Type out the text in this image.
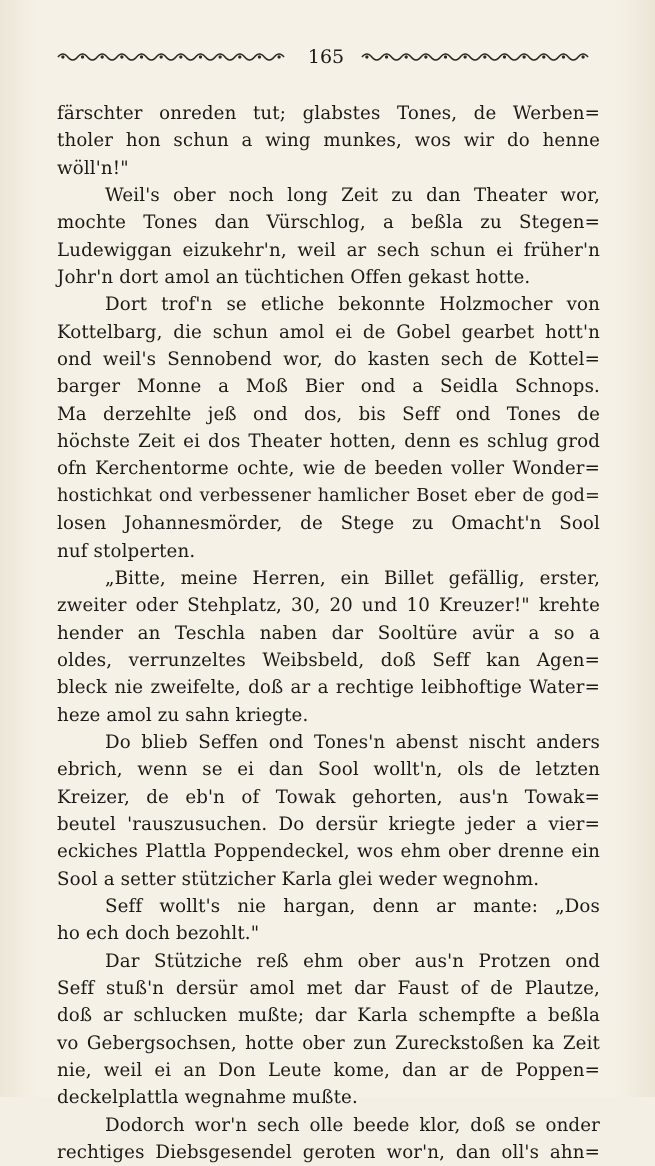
165
färschter onreden tut; glabstes Tones, de Werben=
tholer hon schun a wing munkes, wos wir do henne
wöll'n!"
Weil's ober noch long Zeit zu dan Theater wor,
mochte Tones dan Vürschlog, a beßla zu Stegen=
Ludewiggan eizukehr'n, weil ar sech schun ei früher'n
Johr'n dort amol an tüchtichen Offen gekast hotte.
Dort trof'n se etliche bekonnte Holzmocher von
Kottelbarg, die schun amol ei de Gobel gearbet hott'n
ond weil's Sennobend wor, do kasten sech de Kottel=
barger Monne a Moß Bier ond a Seidla Schnops.
Ma derzehlte jeß ond dos, bis Seff ond Tones de
höchste Zeit ei dos Theater hotten, denn es schlug grod
ofn Kerchentorme ochte, wie de beeden voller Wonder=
hostichkat ond verbessener hamlicher Boset eber de god=
losen Johannesmörder, de Stege zu Omacht'n Sool
nuf stolperten.
„Bitte, meine Herren, ein Billet gefällig, erster,
zweiter oder Stehplatz, 30, 20 und 10 Kreuzer!" krehte
hender an Teschla naben dar Sooltüre avür a so a
oldes, verrunzeltes Weibsbeld, doß Seff kan Agen=
bleck nie zweifelte, doß ar a rechtige leibhoftige Water=
heze amol zu sahn kriegte.
Do blieb Seffen ond Tones'n abenst nischt anders
ebrich, wenn se ei dan Sool wollt'n, ols de letzten
Kreizer, de eb'n of Towak gehorten, aus'n Towak=
beutel 'rauszusuchen. Do dersür kriegte jeder a vier=
eckiches Plattla Poppendeckel, wos ehm ober drenne ein
Sool a setter stützicher Karla glei weder wegnohm.
Seff wollt's nie hargan, denn ar mante: „Dos
ho ech doch bezohlt."
Dar Stütziche reß ehm ober aus'n Protzen ond
Seff stuß'n dersür amol met dar Faust of de Plautze,
doß ar schlucken mußte; dar Karla schempfte a beßla
vo Gebergsochsen, hotte ober zun Zureckstoßen ka Zeit
nie, weil ei an Don Leute kome, dan ar de Poppen=
deckelplattla wegnahme mußte.
Dodorch wor'n sech olle beede klor, doß se onder
rechtiges Diebsgesendel geroten wor'n, dan oll's ahn=
